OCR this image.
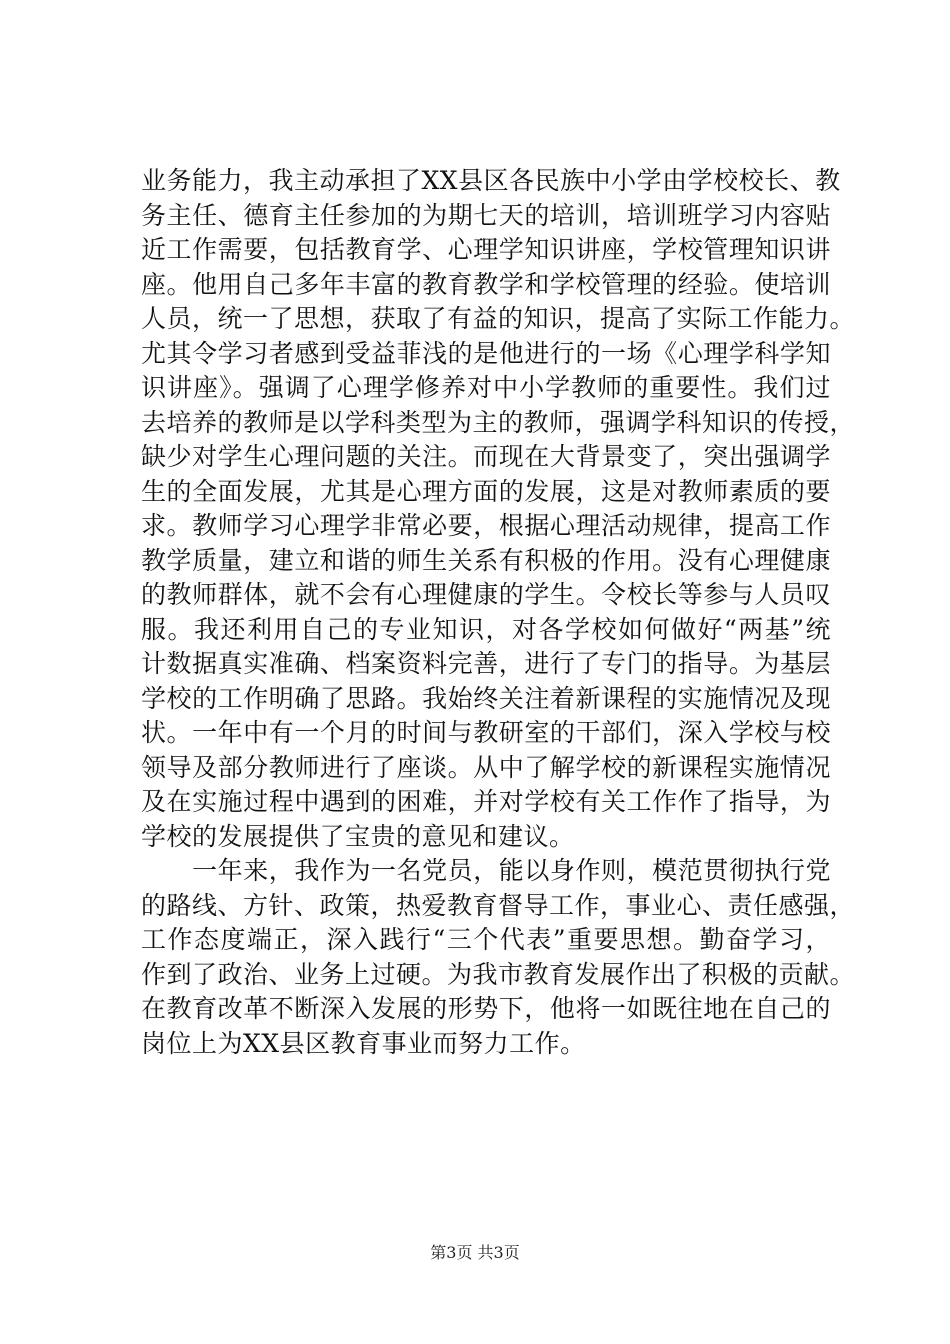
业务能力，我主动承担了XX县区各民族中小学由学校校长、教
务主任、德育主任参加的为期七天的培训，培训班学习内容贴
近工作需要，包括教育学、心理学知识讲座，学校管理知识讲
座。他用自己多年丰富的教育教学和学校管理的经验。使培训
人员，统一了思想，获取了有益的知识，提高了实际工作能力。
尤其令学习者感到受益菲浅的是他进行的一场《心理学科学知
识讲座》。强调了心理学修养对中小学教师的重要性。我们过
去培养的教师是以学科类型为主的教师，强调学科知识的传授，
缺少对学生心理问题的关注。而现在大背景变了，突出强调学
生的全面发展，尤其是心理方面的发展，这是对教师素质的要
求。教师学习心理学非常必要，根据心理活动规律，提高工作
教学质量，建立和谐的师生关系有积极的作用。没有心理健康
的教师群体，就不会有心理健康的学生。令校长等参与人员叹
服。我还利用自己的专业知识，对各学校如何做好“两基”统
计数据真实准确、档案资料完善，进行了专门的指导。为基层
学校的工作明确了思路。我始终关注着新课程的实施情况及现
状。一年中有一个月的时间与教研室的干部们，深入学校与校
领导及部分教师进行了座谈。从中了解学校的新课程实施情况
及在实施过程中遇到的困难，并对学校有关工作作了指导，为
学校的发展提供了宝贵的意见和建议。
　　一年来，我作为一名党员，能以身作则，模范贯彻执行党
的路线、方针、政策，热爱教育督导工作，事业心、责任感强，
工作态度端正，深入践行“三个代表”重要思想。勤奋学习，
作到了政治、业务上过硬。为我市教育发展作出了积极的贡献。
在教育改革不断深入发展的形势下，他将一如既往地在自己的
岗位上为XX县区教育事业而努力工作。
第3页 共3页
